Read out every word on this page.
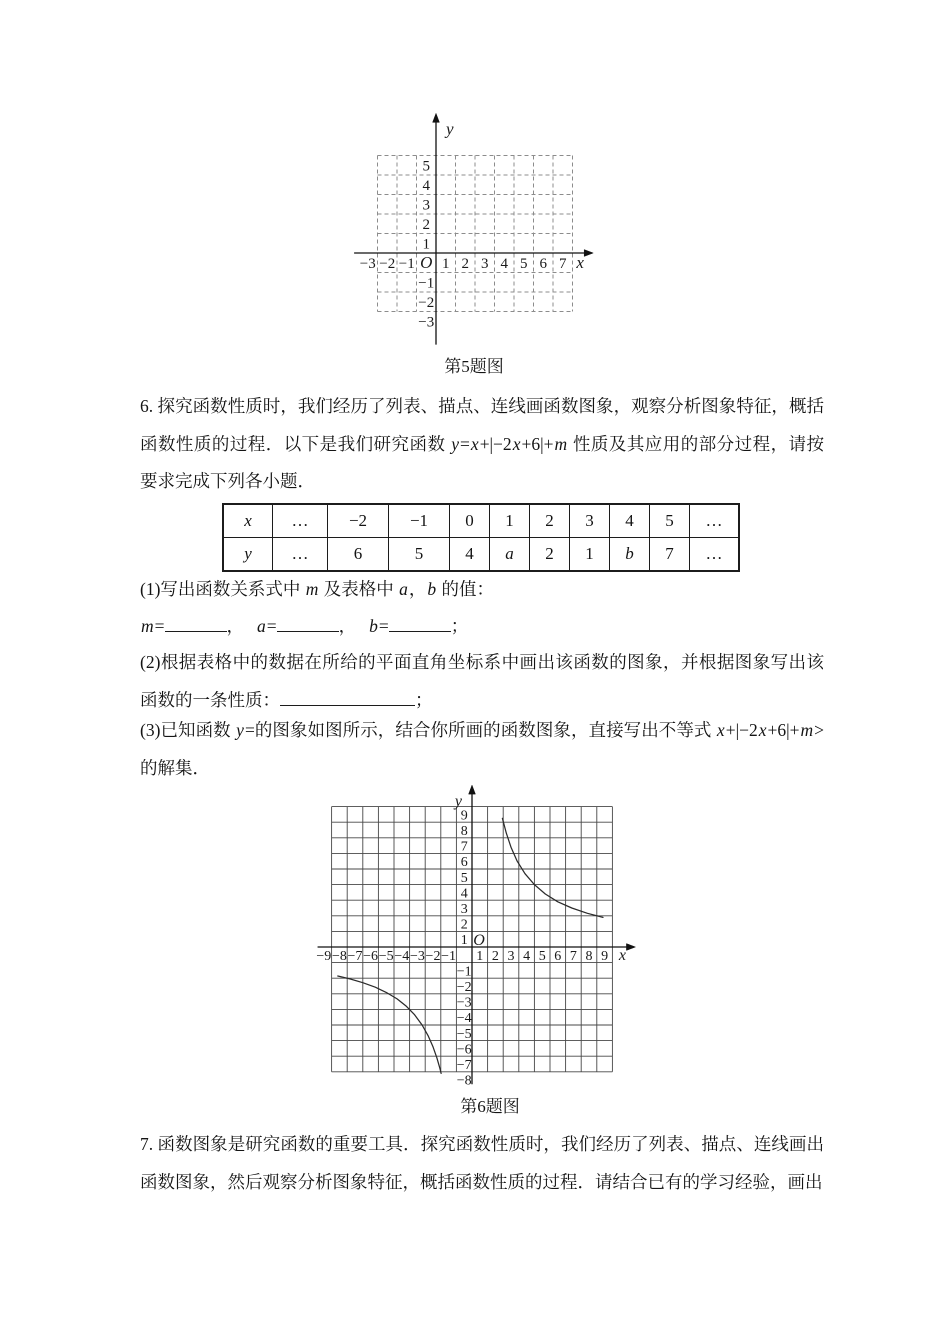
−3 −2 −1 1 2 3 4 5 6 7
5
4
3
2
1
−1
−2
−3
x
y
O
第5题图
6. 探究函数性质时，我们经历了列表、描点、连线画函数图象，观察分析图象特征，概括函数性质的过程．以下是我们研究函数 y=x+|−2x+6|+m 性质及其应用的部分过程，请按要求完成下列各小题．
x	…	−2	−1	0	1	2	3	4	5	…
y	…	6	5	4	a	2	1	b	7	…
(1)写出函数关系式中 m 及表格中 a，b 的值：
m=	， a=	， b=	；
(2)根据表格中的数据在所给的平面直角坐标系中画出该函数的图象，并根据图象写出该函数的一条性质：	；
(3)已知函数 y=的图象如图所示，结合你所画的函数图象，直接写出不等式 x+|−2x+6|+m>的解集．
−9 −8 −7 −6 −5 −4 −3 −2 −1 1 2 3 4 5 6 7 8 9
9
8
7
6
5
4
3
2
1
−1
−2
−3
−4
−5
−6
−7
−8
x
y
O
第6题图
7. 函数图象是研究函数的重要工具．探究函数性质时，我们经历了列表、描点、连线画出函数图象，然后观察分析图象特征，概括函数性质的过程．请结合已有的学习经验，画出
